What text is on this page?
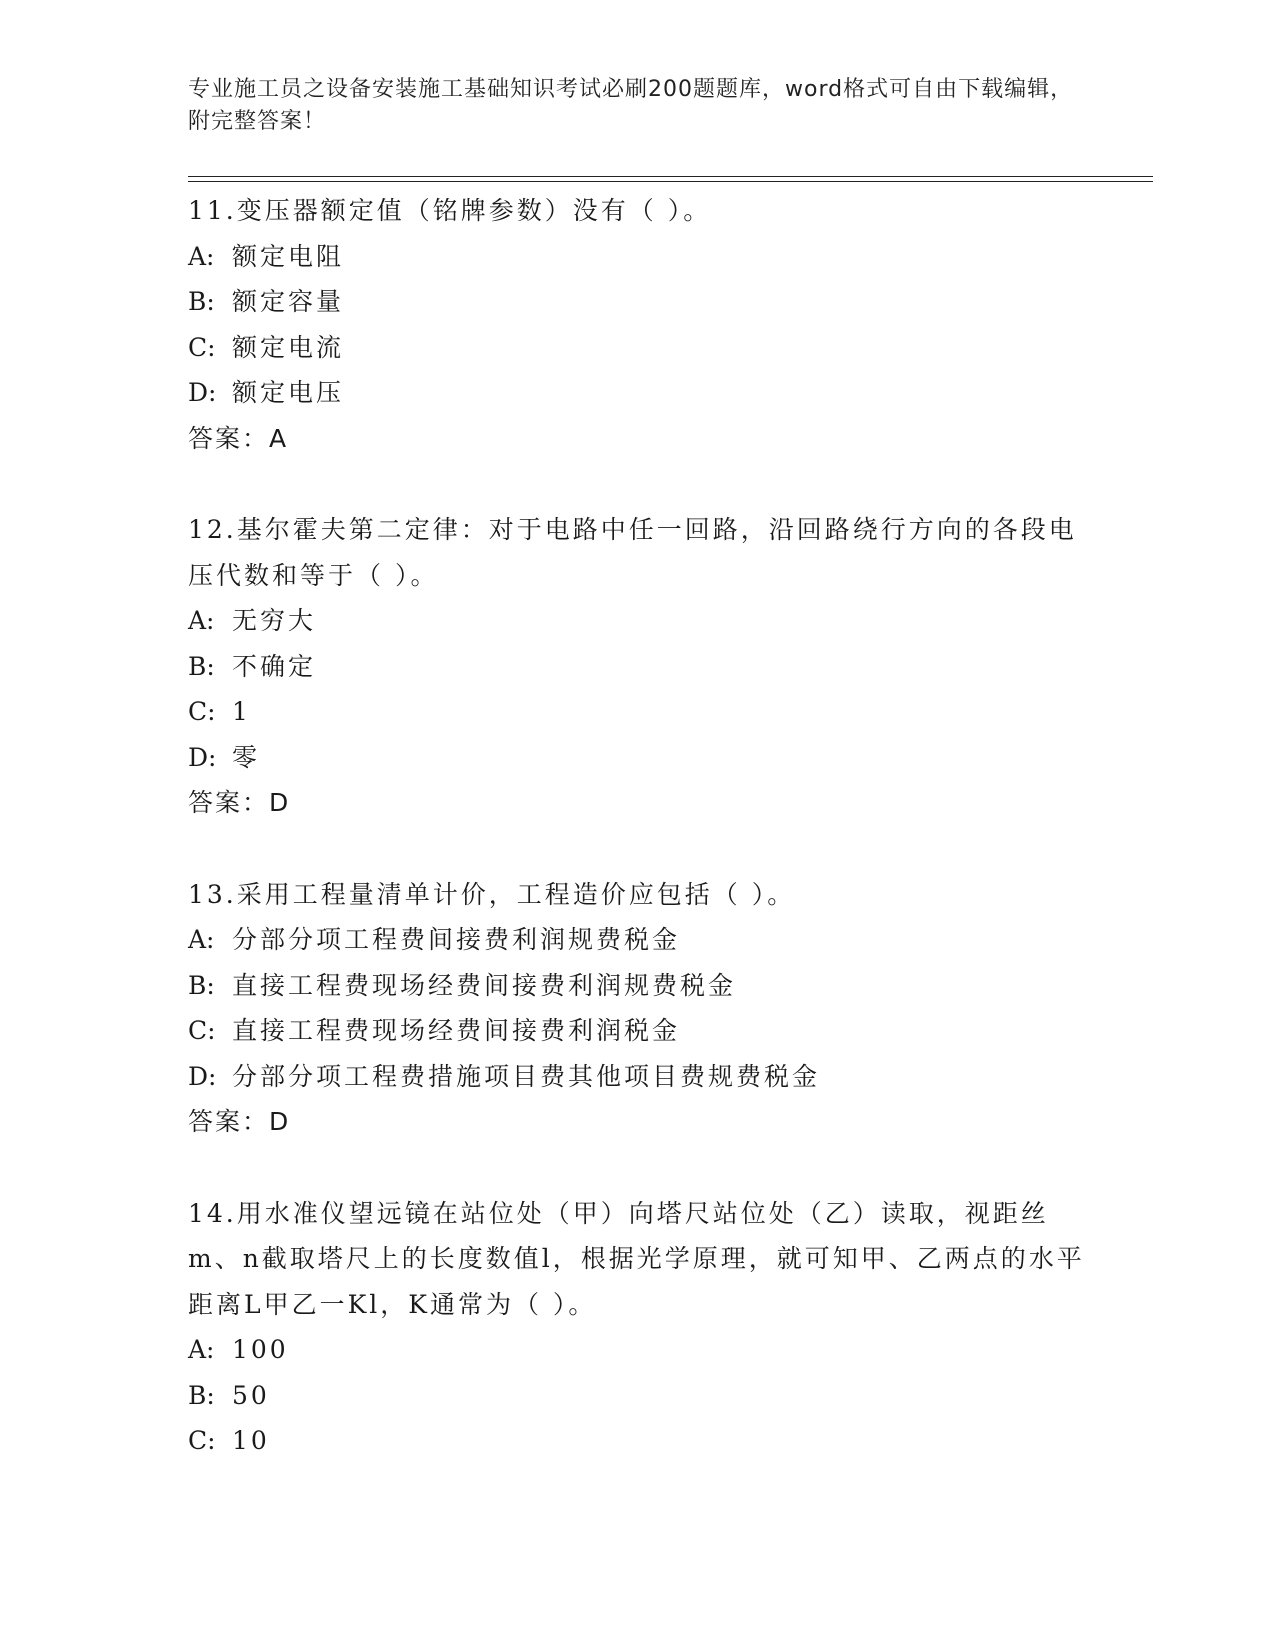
专业施工员之设备安装施工基础知识考试必刷200题题库，word格式可自由下载编辑，附完整答案！

11.变压器额定值（铭牌参数）没有（ ）。

A: 额定电阻

B: 额定容量

C: 额定电流

D: 额定电压

答案：A

12.基尔霍夫第二定律：对于电路中任一回路，沿回路绕行方向的各段电压代数和等于（ ）。

A: 无穷大

B: 不确定

C: 1

D: 零

答案：D

13.采用工程量清单计价，工程造价应包括（ ）。

A: 分部分项工程费间接费利润规费税金

B: 直接工程费现场经费间接费利润规费税金

C: 直接工程费现场经费间接费利润税金

D: 分部分项工程费措施项目费其他项目费规费税金

答案：D

14.用水准仪望远镜在站位处（甲）向塔尺站位处（乙）读取，视距丝m、n截取塔尺上的长度数值l，根据光学原理，就可知甲、乙两点的水平距离L甲乙一Kl，K通常为（ ）。

A: 100

B: 50

C: 10
